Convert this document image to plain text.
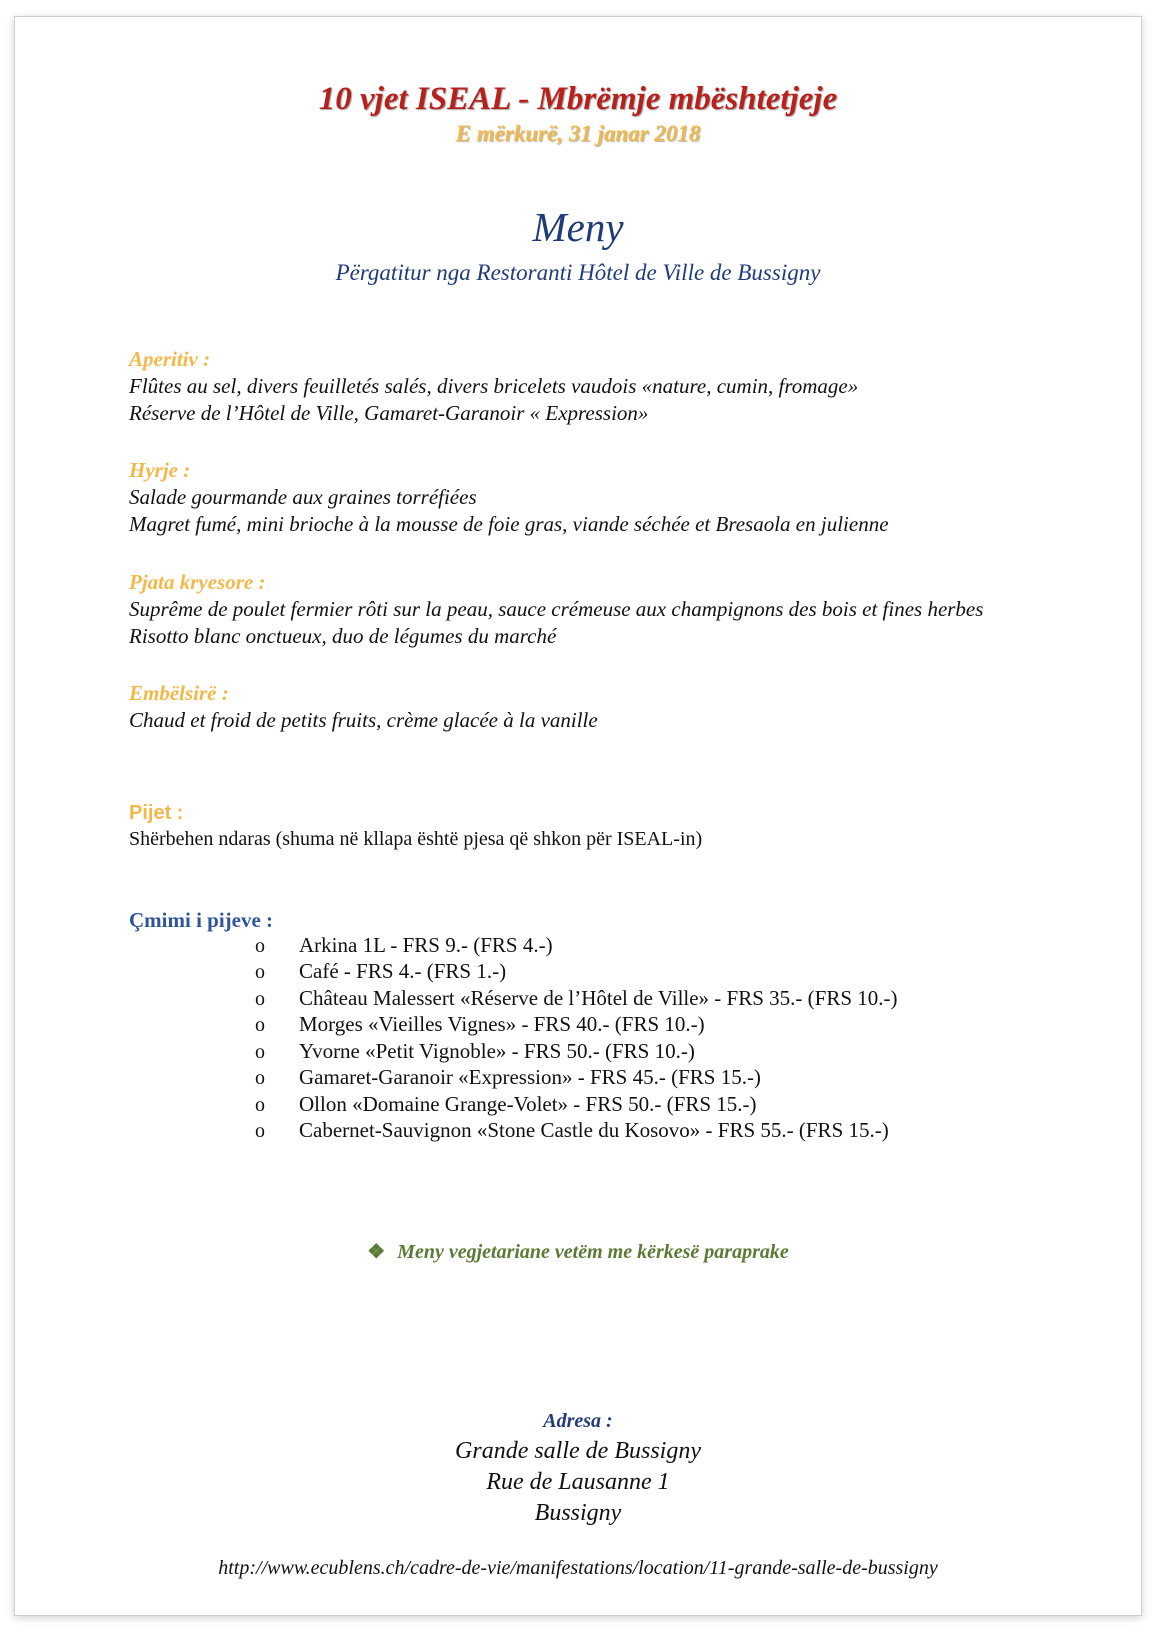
10 vjet ISEAL - Mbrëmje mbështetjeje

E mërkurë, 31 janar 2018

Meny

Përgatitur nga Restoranti Hôtel de Ville de Bussigny

Aperitiv :

Flûtes au sel, divers feuilletés salés, divers bricelets vaudois «nature, cumin, fromage»

Réserve de l’Hôtel de Ville, Gamaret-Garanoir « Expression»

Hyrje :

Salade gourmande aux graines torréfiées

Magret fumé, mini brioche à la mousse de foie gras, viande séchée et Bresaola en julienne

Pjata kryesore :

Suprême de poulet fermier rôti sur la peau, sauce crémeuse aux champignons des bois et fines herbes

Risotto blanc onctueux, duo de légumes du marché

Embëlsirë :

Chaud et froid de petits fruits, crème glacée à la vanille

Pijet :

Shërbehen ndaras (shuma në kllapa është pjesa që shkon për ISEAL-in)

Çmimi i pijeve :

o Arkina 1L - FRS 9.- (FRS 4.-)

o Café - FRS 4.- (FRS 1.-)

o Château Malessert «Réserve de l’Hôtel de Ville» - FRS 35.- (FRS 10.-)

o Morges «Vieilles Vignes» - FRS 40.- (FRS 10.-)

o Yvorne «Petit Vignoble» - FRS 50.- (FRS 10.-)

o Gamaret-Garanoir «Expression» - FRS 45.- (FRS 15.-)

o Ollon «Domaine Grange-Volet» - FRS 50.- (FRS 15.-)

o Cabernet-Sauvignon «Stone Castle du Kosovo» - FRS 55.- (FRS 15.-)

❖ Meny vegjetariane vetëm me kërkesë paraprake

Adresa :

Grande salle de Bussigny

Rue de Lausanne 1

Bussigny

http://www.ecublens.ch/cadre-de-vie/manifestations/location/11-grande-salle-de-bussigny
